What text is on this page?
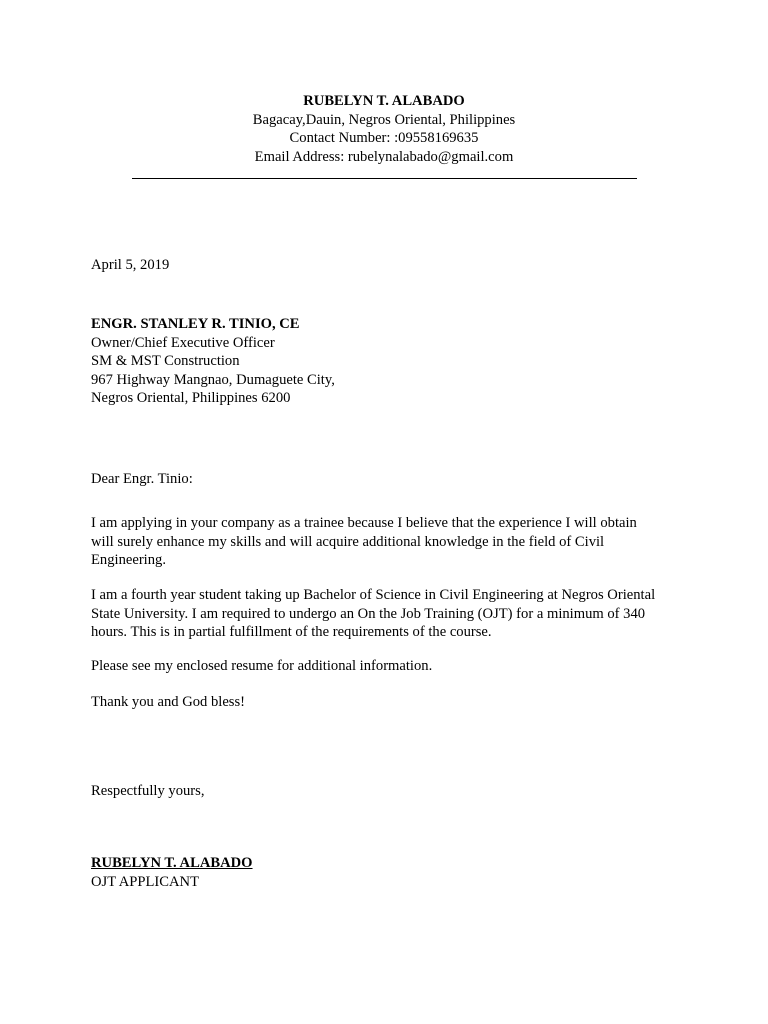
RUBELYN T. ALABADO
Bagacay,Dauin, Negros Oriental, Philippines
Contact Number: :09558169635
Email Address: rubelynalabado@gmail.com
April 5, 2019
ENGR. STANLEY R. TINIO, CE
Owner/Chief Executive Officer
SM & MST Construction
967 Highway Mangnao, Dumaguete City,
Negros Oriental, Philippines 6200
Dear Engr. Tinio:
I am applying in your company as a trainee because I believe that the experience I will obtain
will surely enhance my skills and will acquire additional knowledge in the field of Civil
Engineering.
I am a fourth year student taking up Bachelor of Science in Civil Engineering at Negros Oriental
State University. I am required to undergo an On the Job Training (OJT) for a minimum of 340
hours. This is in partial fulfillment of the requirements of the course.
Please see my enclosed resume for additional information.
Thank you and God bless!
Respectfully yours,
RUBELYN T. ALABADO
OJT APPLICANT
